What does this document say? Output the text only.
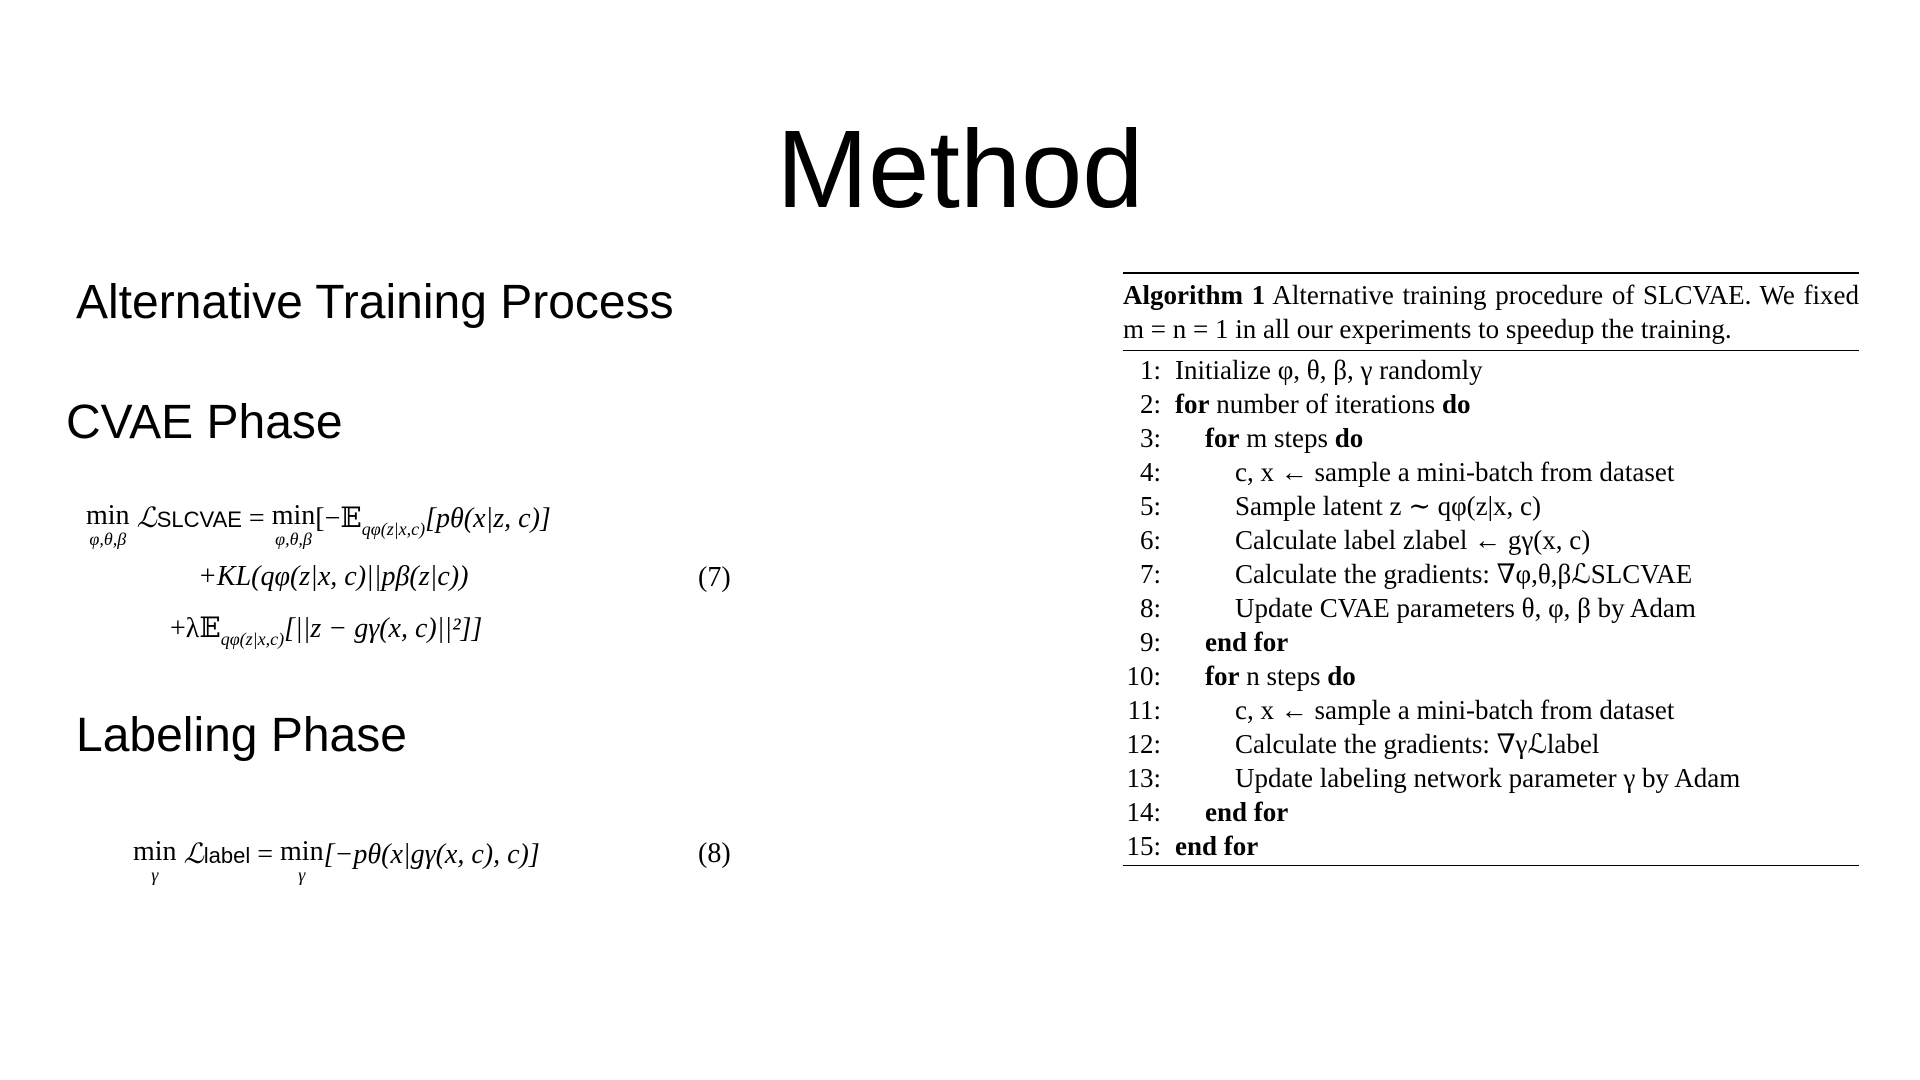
Method
Alternative Training Process
CVAE Phase
Labeling Phase
min
φ,θ,β
ℒSLCVAE = min
φ,θ,β
[−𝔼$_{q\varphi(z|x,c)}$[pθ(x|z, c)]
+KL(qφ(z|x, c)||pβ(z|c))
+λ𝔼$_{q\varphi(z|x,c)}$[||z − gγ(x, c)||²]]
(7)
min
γ
ℒlabel = min
γ
[−pθ(x|gγ(x, c), c)]	(8)
Algorithm 1 Alternative training procedure of SLCVAE. We fixed m = n = 1 in all our experiments to speedup the training.
1: Initialize φ, θ, β, γ randomly
2: for number of iterations do
3:	for m steps do
4:	c, x ← sample a mini-batch from dataset
5:	Sample latent z ∼ qφ(z|x, c)
6:	Calculate label zlabel ← gγ(x, c)
7:	Calculate the gradients: ∇φ,θ,βℒSLCVAE
8:	Update CVAE parameters θ, φ, β by Adam
9:	end for
10:	for n steps do
11:	c, x ← sample a mini-batch from dataset
12:	Calculate the gradients: ∇γℒlabel
13:	Update labeling network parameter γ by Adam
14:	end for
15: end for
